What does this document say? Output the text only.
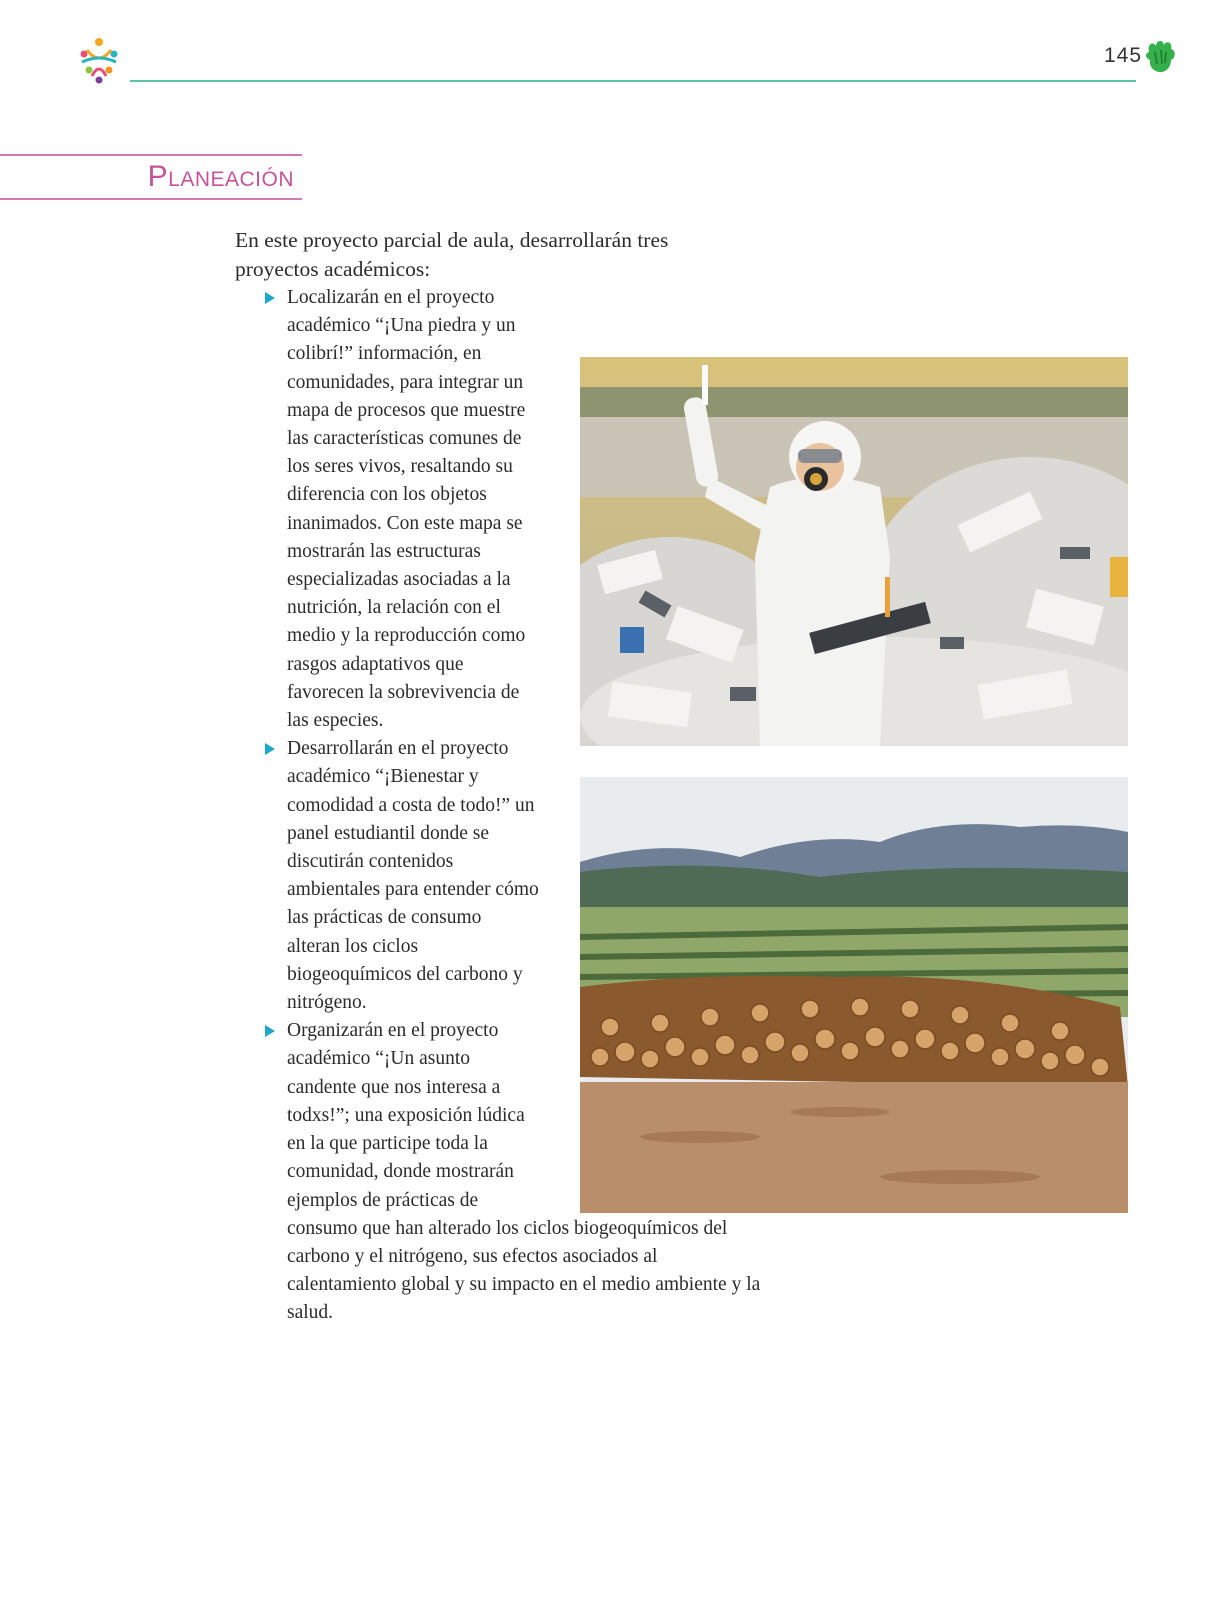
145
Planeación

En este proyecto parcial de aula, desarrollarán tres proyectos académicos:

Localizarán en el proyecto académico “¡Una piedra y un colibrí!” información, en comunidades, para integrar un mapa de procesos que muestre las características comunes de los seres vivos, resaltando su diferencia con los objetos inanimados. Con este mapa se mostrarán las estructuras especializadas asociadas a la nutrición, la relación con el medio y la reproducción como rasgos adaptativos que favorecen la sobrevivencia de las especies.
Desarrollarán en el proyecto académico “¡Bienestar y comodidad a costa de todo!” un panel estudiantil donde se discutirán contenidos ambientales para entender cómo las prácticas de consumo alteran los ciclos biogeoquímicos del carbono y nitrógeno.
Organizarán en el proyecto académico “¡Un asunto candente que nos interesa a todxs!”; una exposición lúdica en la que participe toda la comunidad, donde mostrarán ejemplos de prácticas de consumo que han alterado los ciclos biogeoquímicos del carbono y el nitrógeno, sus efectos asociados al calentamiento global y su impacto en el medio ambiente y la salud.
